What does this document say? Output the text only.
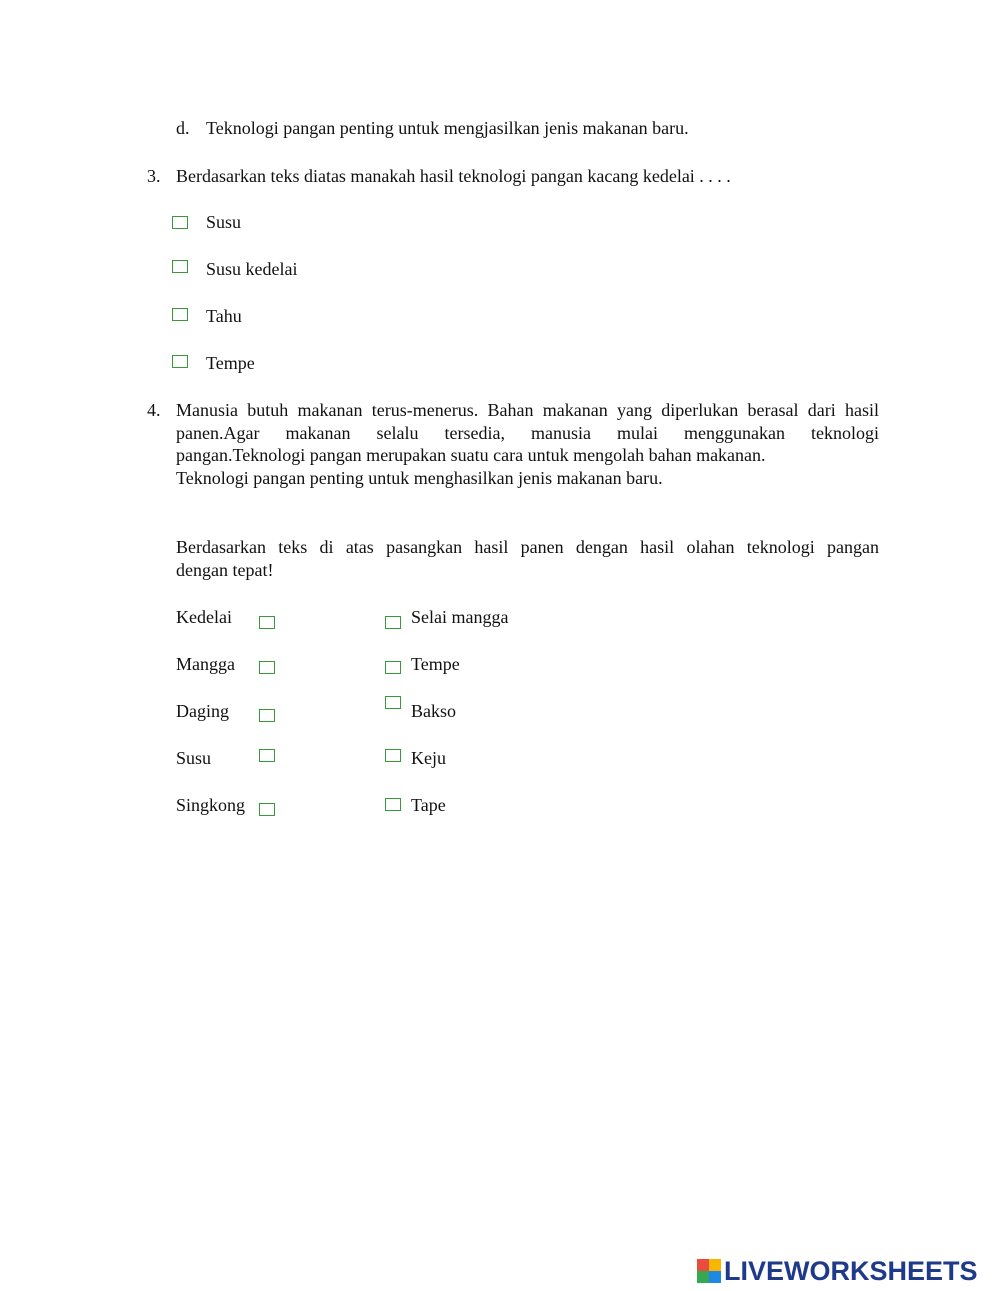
d. Teknologi pangan penting untuk mengjasilkan jenis makanan baru.
3. Berdasarkan teks diatas manakah hasil teknologi pangan kacang kedelai . . . .
Susu
Susu kedelai
Tahu
Tempe
4. Manusia butuh makanan terus-menerus. Bahan makanan yang diperlukan berasal dari hasil
panen.Agar makanan selalu tersedia, manusia mulai menggunakan teknologi
pangan.Teknologi pangan merupakan suatu cara untuk mengolah bahan makanan.
Teknologi pangan penting untuk menghasilkan jenis makanan baru.
Berdasarkan teks di atas pasangkan hasil panen dengan hasil olahan teknologi pangan
dengan tepat!
Kedelai
Mangga
Daging
Susu
Singkong
Selai mangga
Tempe
Bakso
Keju
Tape
LIVEWORKSHEETS
